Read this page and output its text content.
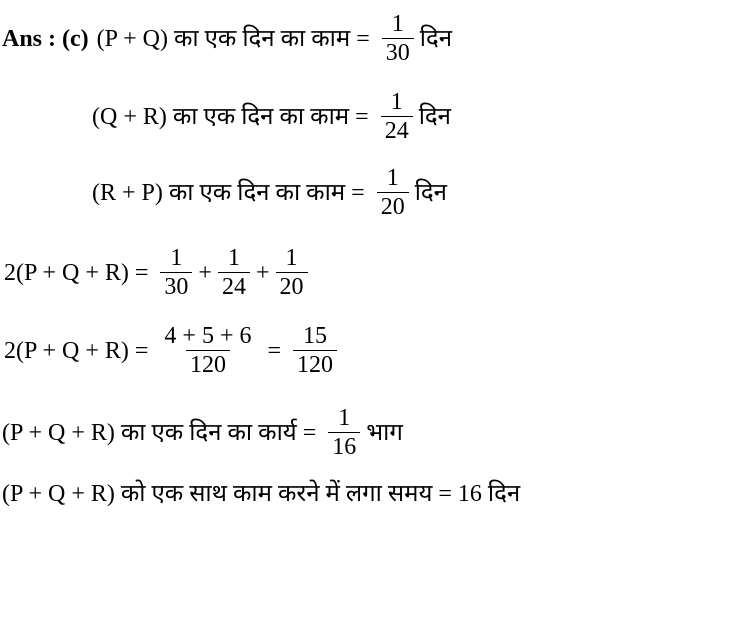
Ans : (c) (P + Q) का एक दिन का काम = $\frac{1}{30}$ दिन
(Q + R) का एक दिन का काम = $\frac{1}{24}$ दिन
(R + P) का एक दिन का काम = $\frac{1}{20}$ दिन
$2(P + Q + R) = \frac{1}{30} + \frac{1}{24} + \frac{1}{20}$
$2(P + Q + R) = \frac{4 + 5 + 6}{120} = \frac{15}{120}$
(P + Q + R) का एक दिन का कार्य = $\frac{1}{16}$ भाग
(P + Q + R) को एक साथ काम करने में लगा समय = 16 दिन
